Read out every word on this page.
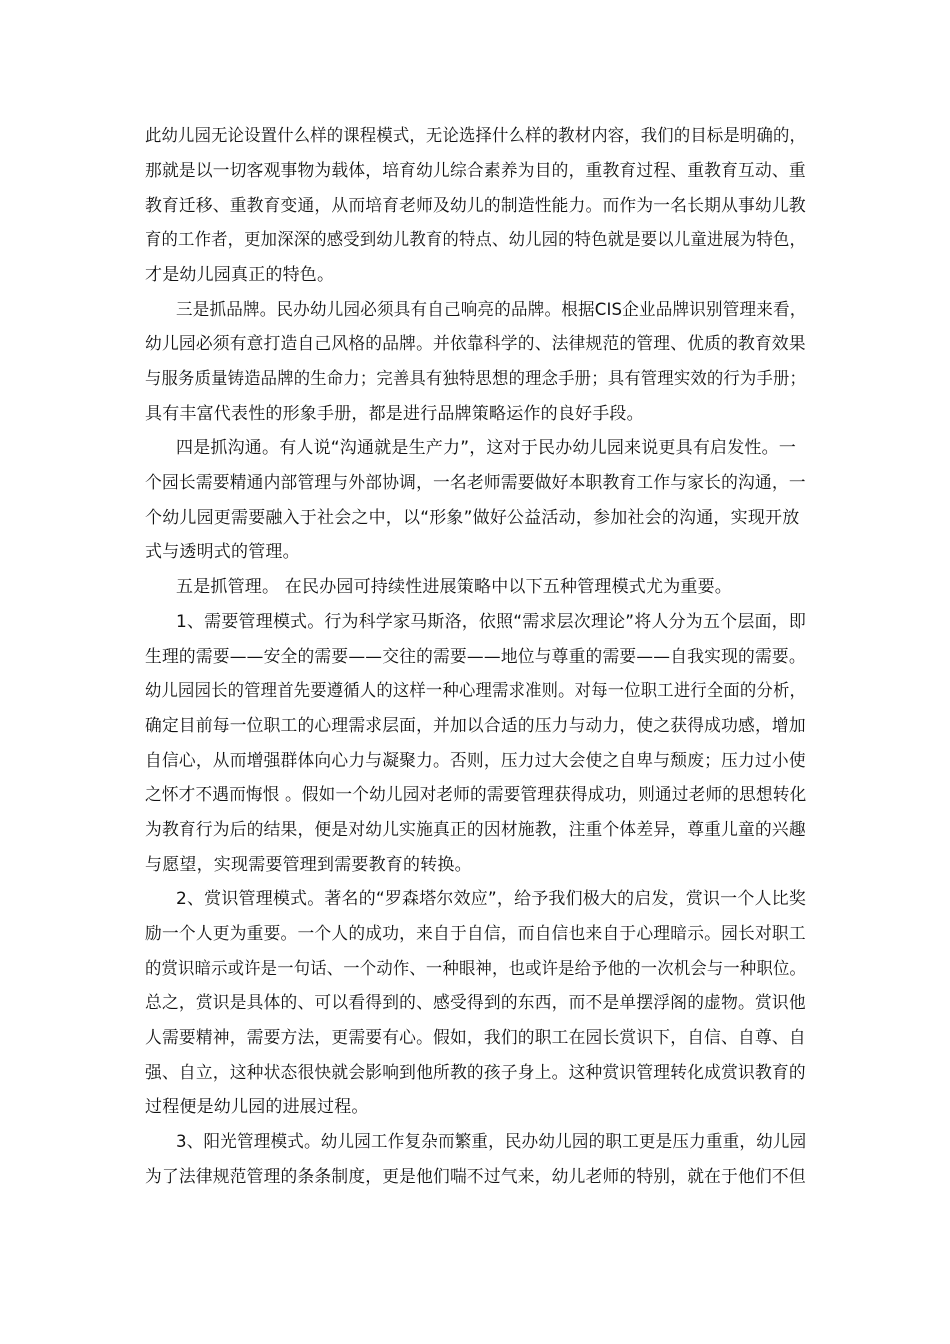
此幼儿园无论设置什么样的课程模式，无论选择什么样的教材内容，我们的目标是明确的，
那就是以一切客观事物为载体，培育幼儿综合素养为目的，重教育过程、重教育互动、重
教育迁移、重教育变通，从而培育老师及幼儿的制造性能力。而作为一名长期从事幼儿教
育的工作者，更加深深的感受到幼儿教育的特点、幼儿园的特色就是要以儿童进展为特色，
才是幼儿园真正的特色。
三是抓品牌。民办幼儿园必须具有自己响亮的品牌。根据CIS企业品牌识别管理来看，
幼儿园必须有意打造自己风格的品牌。并依靠科学的、法律规范的管理、优质的教育效果
与服务质量铸造品牌的生命力；完善具有独特思想的理念手册；具有管理实效的行为手册；
具有丰富代表性的形象手册，都是进行品牌策略运作的良好手段。
四是抓沟通。有人说“沟通就是生产力”，这对于民办幼儿园来说更具有启发性。一
个园长需要精通内部管理与外部协调，一名老师需要做好本职教育工作与家长的沟通，一
个幼儿园更需要融入于社会之中，以“形象”做好公益活动，参加社会的沟通，实现开放
式与透明式的管理。
五是抓管理。 在民办园可持续性进展策略中以下五种管理模式尤为重要。
1、需要管理模式。行为科学家马斯洛，依照“需求层次理论”将人分为五个层面，即
生理的需要——安全的需要——交往的需要——地位与尊重的需要——自我实现的需要。
幼儿园园长的管理首先要遵循人的这样一种心理需求准则。对每一位职工进行全面的分析，
确定目前每一位职工的心理需求层面，并加以合适的压力与动力，使之获得成功感，增加
自信心，从而增强群体向心力与凝聚力。否则，压力过大会使之自卑与颓废；压力过小使
之怀才不遇而悔恨 。假如一个幼儿园对老师的需要管理获得成功，则通过老师的思想转化
为教育行为后的结果，便是对幼儿实施真正的因材施教，注重个体差异，尊重儿童的兴趣
与愿望，实现需要管理到需要教育的转换。
2、赏识管理模式。著名的“罗森塔尔效应”，给予我们极大的启发，赏识一个人比奖
励一个人更为重要。一个人的成功，来自于自信，而自信也来自于心理暗示。园长对职工
的赏识暗示或许是一句话、一个动作、一种眼神，也或许是给予他的一次机会与一种职位。
总之，赏识是具体的、可以看得到的、感受得到的东西，而不是单摆浮阁的虚物。赏识他
人需要精神，需要方法，更需要有心。假如，我们的职工在园长赏识下，自信、自尊、自
强、自立，这种状态很快就会影响到他所教的孩子身上。这种赏识管理转化成赏识教育的
过程便是幼儿园的进展过程。
3、阳光管理模式。幼儿园工作复杂而繁重，民办幼儿园的职工更是压力重重，幼儿园
为了法律规范管理的条条制度，更是他们喘不过气来，幼儿老师的特别，就在于他们不但
